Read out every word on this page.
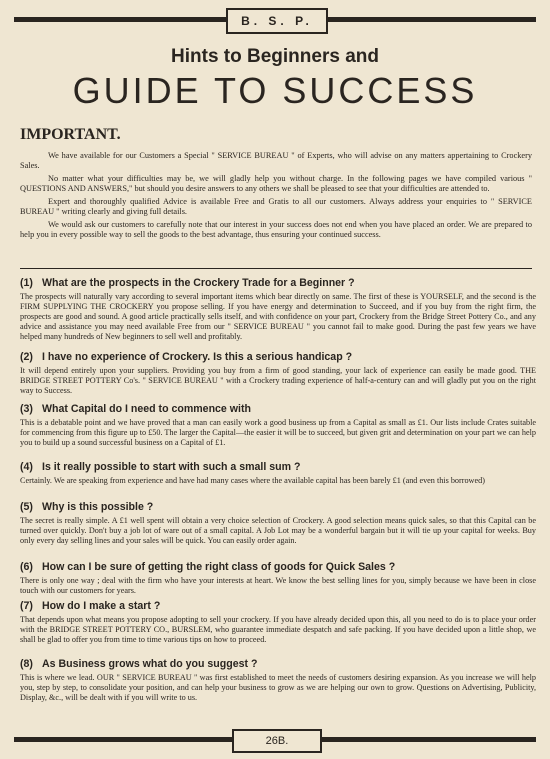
B. S. P.
Hints to Beginners and
GUIDE TO SUCCESS
IMPORTANT.

We have available for our Customers a Special " SERVICE BUREAU " of Experts, who will advise on any matters appertaining to Crockery Sales.

No matter what your difficulties may be, we will gladly help you without charge. In the following pages we have compiled various " QUESTIONS AND ANSWERS," but should you desire answers to any others we shall be pleased to see that your difficulties are attended to.

Expert and thoroughly qualified Advice is available Free and Gratis to all our customers. Always address your enquiries to " SERVICE BUREAU " writing clearly and giving full details.

We would ask our customers to carefully note that our interest in your success does not end when you have placed an order. We are prepared to help you in every possible way to sell the goods to the best advantage, thus ensuring your continued success.

(1) What are the prospects in the Crockery Trade for a Beginner ?

The prospects will naturally vary according to several important items which bear directly on same. The first of these is YOURSELF, and the second is the FIRM SUPPLYING THE CROCKERY you propose selling. If you have energy and determination to Succeed, and if you buy from the right firm, the prospects are good and sound. A good article practically sells itself, and with confidence on your part, Crockery from the Bridge Street Pottery Co., and any advice and assistance you may need available Free from our " SERVICE BUREAU " you cannot fail to make good. During the past few years we have helped many hundreds of New beginners to sell well and profitably.

(2) I have no experience of Crockery. Is this a serious handicap ?

It will depend entirely upon your suppliers. Providing you buy from a firm of good standing, your lack of experience can easily be made good. THE BRIDGE STREET POTTERY Co's. " SERVICE BUREAU " with a Crockery trading experience of half-a-century can and will gladly put you on the right way to Success.

(3) What Capital do I need to commence with

This is a debatable point and we have proved that a man can easily work a good business up from a Capital as small as £1. Our lists include Crates suitable for commencing from this figure up to £50. The larger the Capital—the easier it will be to succeed, but given grit and determination on your part we can help you to build up a sound successful business on a Capital of £1.

(4) Is it really possible to start with such a small sum ?

Certainly. We are speaking from experience and have had many cases where the available capital has been barely £1 (and even this borrowed)

(5) Why is this possible ?

The secret is really simple. A £1 well spent will obtain a very choice selection of Crockery. A good selection means quick sales, so that this Capital can be turned over quickly. Don't buy a job lot of ware out of a small capital. A Job Lot may be a wonderful bargain but it will tie up your capital for weeks. Buy only every day selling lines and your sales will be quick. You can easily order again.

(6) How can I be sure of getting the right class of goods for Quick Sales ?

There is only one way ; deal with the firm who have your interests at heart. We know the best selling lines for you, simply because we have been in close touch with our customers for years.

(7) How do I make a start ?

That depends upon what means you propose adopting to sell your crockery. If you have already decided upon this, all you need to do is to place your order with the BRIDGE STREET POTTERY CO., BURSLEM, who guarantee immediate despatch and safe packing. If you have decided upon a little shop, we shall be glad to offer you from time to time various tips on how to proceed.

(8) As Business grows what do you suggest ?

This is where we lead. OUR " SERVICE BUREAU " was first established to meet the needs of customers desiring expansion. As you increase we will help you, step by step, to consolidate your position, and can help your business to grow as we are helping our own to grow. Questions on Advertising, Publicity, Display, &c., will be dealt with if you will write to us.

26B.
